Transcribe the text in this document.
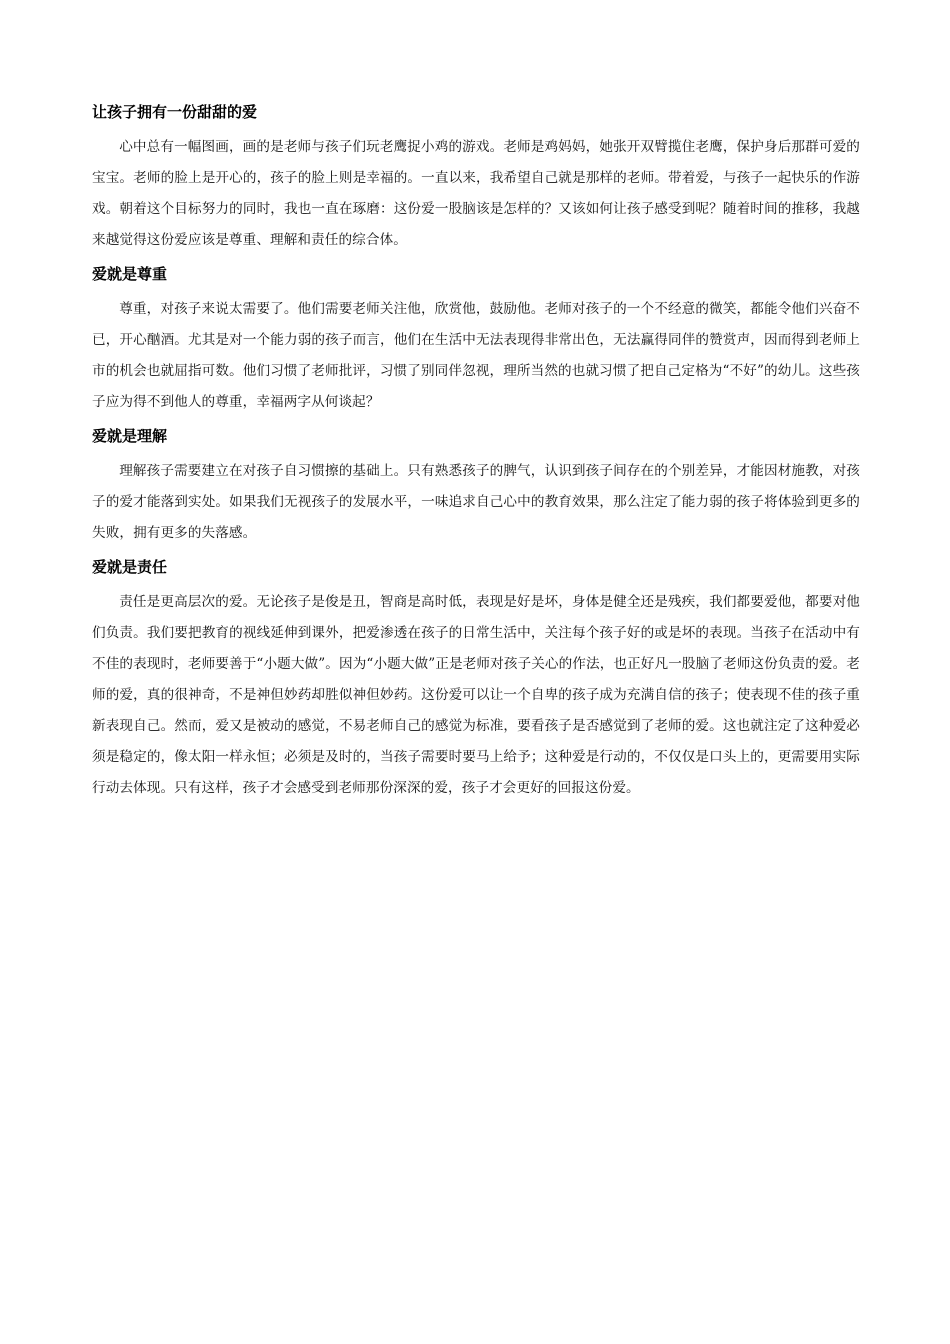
让孩子拥有一份甜甜的爱

心中总有一幅图画，画的是老师与孩子们玩老鹰捉小鸡的游戏。老师是鸡妈妈，她张开双臂揽住老鹰，保护身后那群可爱的宝宝。老师的脸上是开心的，孩子的脸上则是幸福的。一直以来，我希望自己就是那样的老师。带着爱，与孩子一起快乐的作游戏。朝着这个目标努力的同时，我也一直在琢磨：这份爱一股脑该是怎样的？又该如何让孩子感受到呢？随着时间的推移，我越来越觉得这份爱应该是尊重、理解和责任的综合体。

爱就是尊重

尊重，对孩子来说太需要了。他们需要老师关注他，欣赏他，鼓励他。老师对孩子的一个不经意的微笑，都能令他们兴奋不已，开心酗酒。尤其是对一个能力弱的孩子而言，他们在生活中无法表现得非常出色，无法赢得同伴的赞赏声，因而得到老师上市的机会也就屈指可数。他们习惯了老师批评，习惯了别同伴忽视，理所当然的也就习惯了把自己定格为“不好”的幼儿。这些孩子应为得不到他人的尊重，幸福两字从何谈起？

爱就是理解

理解孩子需要建立在对孩子自习惯擦的基础上。只有熟悉孩子的脾气，认识到孩子间存在的个别差异，才能因材施教，对孩子的爱才能落到实处。如果我们无视孩子的发展水平，一味追求自己心中的教育效果，那么注定了能力弱的孩子将体验到更多的失败，拥有更多的失落感。

爱就是责任

责任是更高层次的爱。无论孩子是俊是丑，智商是高时低，表现是好是坏，身体是健全还是残疾，我们都要爱他，都要对他们负责。我们要把教育的视线延伸到课外，把爱渗透在孩子的日常生活中，关注每个孩子好的或是坏的表现。当孩子在活动中有不佳的表现时，老师要善于“小题大做”。因为“小题大做”正是老师对孩子关心的作法，也正好凡一股脑了老师这份负责的爱。老师的爱，真的很神奇，不是神但妙药却胜似神但妙药。这份爱可以让一个自卑的孩子成为充满自信的孩子；使表现不佳的孩子重新表现自己。然而，爱又是被动的感觉，不易老师自己的感觉为标准，要看孩子是否感觉到了老师的爱。这也就注定了这种爱必须是稳定的，像太阳一样永恒；必须是及时的，当孩子需要时要马上给予；这种爱是行动的，不仅仅是口头上的，更需要用实际行动去体现。只有这样，孩子才会感受到老师那份深深的爱，孩子才会更好的回报这份爱。
